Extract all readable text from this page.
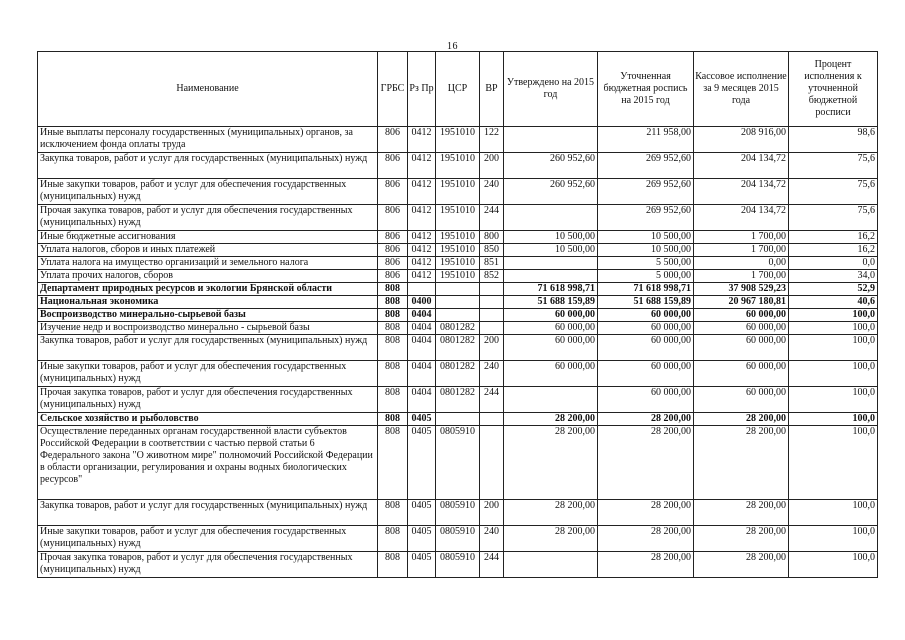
16
Наименование	ГРБС	Рз Пр	ЦСР	ВР	Утверждено на 2015 год	Уточненная бюджетная роспись на 2015 год	Кассовое исполнение за 9 месяцев 2015 года	Процент исполнения к уточненной бюджетной росписи
Иные выплаты персоналу государственных (муниципальных) органов, за исключением фонда оплаты труда	806	0412	1951010	122		211 958,00	208 916,00	98,6
Закупка товаров, работ и услуг для государственных (муниципальных) нужд	806	0412	1951010	200	260 952,60	269 952,60	204 134,72	75,6
Иные закупки товаров, работ и услуг для обеспечения государственных (муниципальных) нужд	806	0412	1951010	240	260 952,60	269 952,60	204 134,72	75,6
Прочая закупка товаров, работ и услуг для обеспечения государственных (муниципальных) нужд	806	0412	1951010	244		269 952,60	204 134,72	75,6
Иные бюджетные ассигнования	806	0412	1951010	800	10 500,00	10 500,00	1 700,00	16,2
Уплата налогов, сборов и иных платежей	806	0412	1951010	850	10 500,00	10 500,00	1 700,00	16,2
Уплата налога на имущество организаций и земельного налога	806	0412	1951010	851		5 500,00	0,00	0,0
Уплата прочих налогов, сборов	806	0412	1951010	852		5 000,00	1 700,00	34,0
Департамент природных ресурсов и экологии Брянской области	808				71 618 998,71	71 618 998,71	37 908 529,23	52,9
Национальная экономика	808	0400			51 688 159,89	51 688 159,89	20 967 180,81	40,6
Воспроизводство минерально-сырьевой базы	808	0404			60 000,00	60 000,00	60 000,00	100,0
Изучение недр и воспроизводство минерально - сырьевой базы	808	0404	0801282		60 000,00	60 000,00	60 000,00	100,0
Закупка товаров, работ и услуг для государственных (муниципальных) нужд	808	0404	0801282	200	60 000,00	60 000,00	60 000,00	100,0
Иные закупки товаров, работ и услуг для обеспечения государственных (муниципальных) нужд	808	0404	0801282	240	60 000,00	60 000,00	60 000,00	100,0
Прочая закупка товаров, работ и услуг для обеспечения государственных (муниципальных) нужд	808	0404	0801282	244		60 000,00	60 000,00	100,0
Сельское хозяйство и рыболовство	808	0405			28 200,00	28 200,00	28 200,00	100,0
Осуществление переданных органам государственной власти субъектов Российской Федерации в соответствии с частью первой статьи 6 Федерального закона "О животном мире" полномочий Российской Федерации в области организации, регулирования и охраны водных биологических ресурсов"	808	0405	0805910		28 200,00	28 200,00	28 200,00	100,0
Закупка товаров, работ и услуг для государственных (муниципальных) нужд	808	0405	0805910	200	28 200,00	28 200,00	28 200,00	100,0
Иные закупки товаров, работ и услуг для обеспечения государственных (муниципальных) нужд	808	0405	0805910	240	28 200,00	28 200,00	28 200,00	100,0
Прочая закупка товаров, работ и услуг для обеспечения государственных (муниципальных) нужд	808	0405	0805910	244		28 200,00	28 200,00	100,0
